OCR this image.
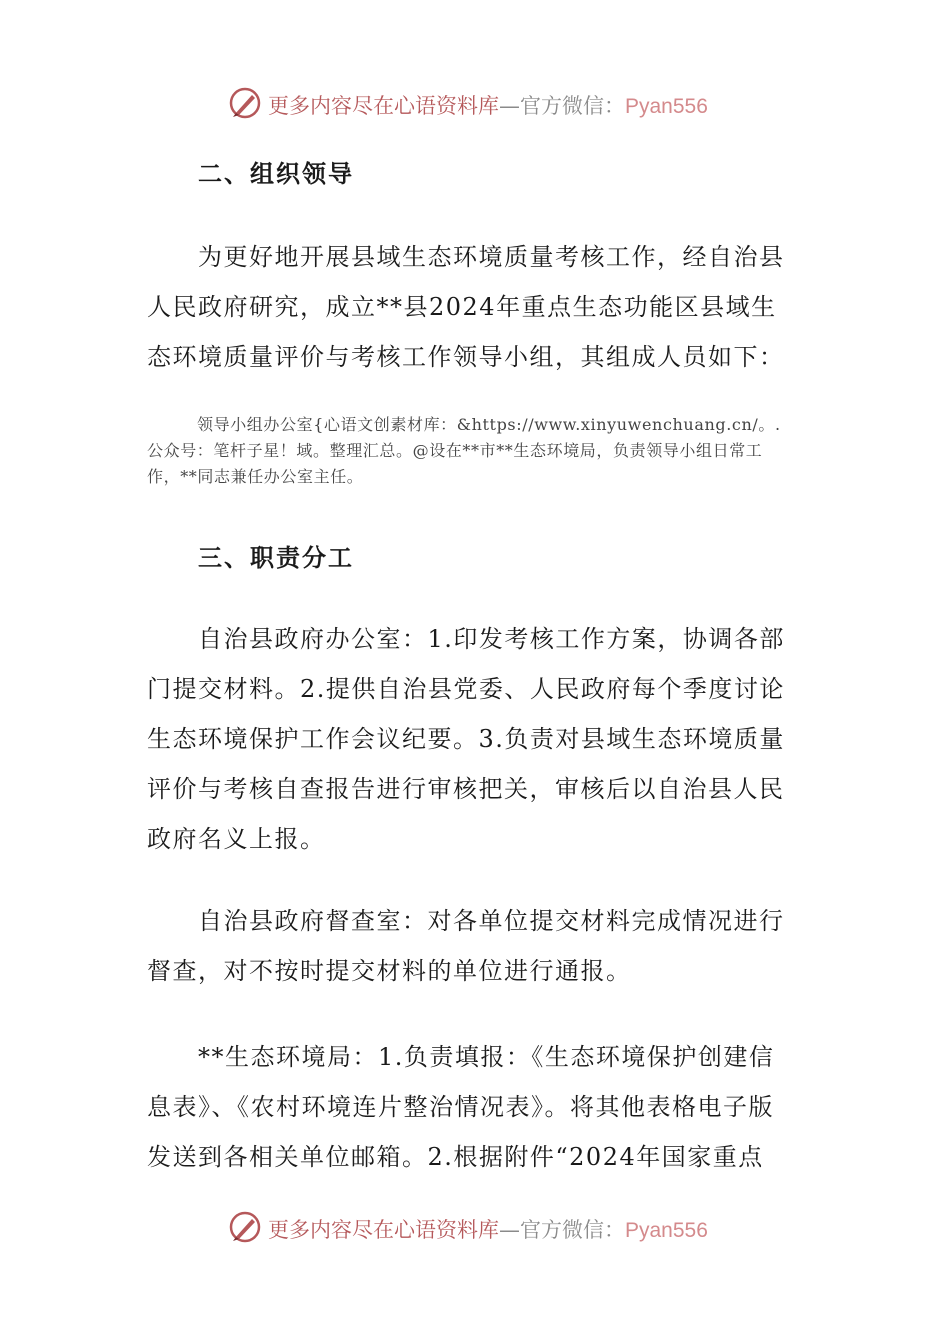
更多内容尽在心语资料库—官方微信：Pyan556
二、组织领导

为更好地开展县域生态环境质量考核工作，经自治县人民政府研究，成立**县2024年重点生态功能区县域生态环境质量评价与考核工作领导小组，其组成人员如下：

领导小组办公室{心语文创素材库：&https://www.xinyuwenchuang.cn/。.公众号：笔杆子星！域。整理汇总。@设在**市**生态环境局，负责领导小组日常工作，**同志兼任办公室主任。

三、职责分工

自治县政府办公室：1.印发考核工作方案，协调各部门提交材料。2.提供自治县党委、人民政府每个季度讨论生态环境保护工作会议纪要。3.负责对县域生态环境质量评价与考核自查报告进行审核把关，审核后以自治县人民政府名义上报。

自治县政府督查室：对各单位提交材料完成情况进行督查，对不按时提交材料的单位进行通报。

**生态环境局：1.负责填报：《生态环境保护创建信息表》、《农村环境连片整治情况表》。将其他表格电子版发送到各相关单位邮箱。2.根据附件“2024年国家重点

更多内容尽在心语资料库—官方微信：Pyan556
